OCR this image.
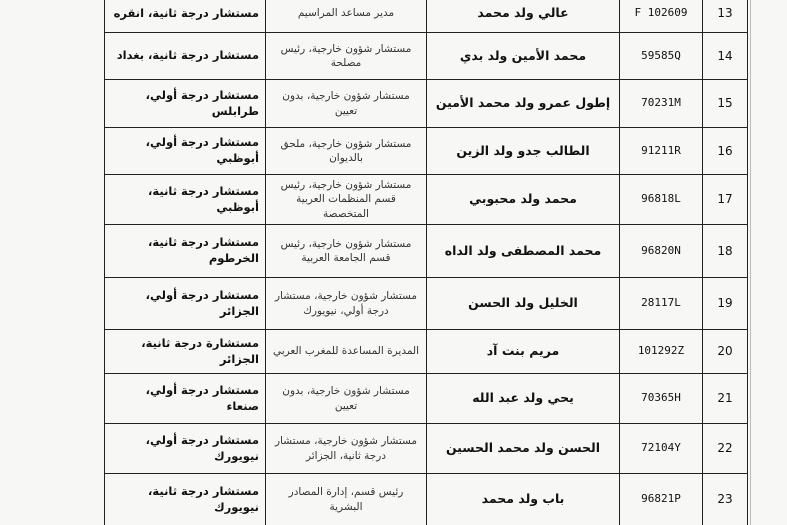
13	102609 F	عالي ولد محمد	مدير مساعد المراسيم	مستشار درجة ثانية، انقره
14	59585Q	محمد الأمين ولد بدي	مستشار شؤون خارجية، رئيس مصلحة	مستشار درجة ثانية، بغداد
15	70231M	إطول عمرو ولد محمد الأمين	مستشار شؤون خارجية، بدون تعيين	مستشار درجة أولي، طرابلس
16	91211R	الطالب جدو ولد الزين	مستشار شؤون خارجية، ملحق بالديوان	مستشار درجة أولي، أبوظبي
17	96818L	محمد ولد محبوبي	مستشار شؤون خارجية، رئيس قسم المنظمات العربية المتخصصة	مستشار درجة ثانية، أبوظبي
18	96820N	محمد المصطفى ولد الداه	مستشار شؤون خارجية، رئيس قسم الجامعة العربية	مستشار درجة ثانية، الخرطوم
19	28117L	الخليل ولد الحسن	مستشار شؤون خارجية، مستشار درجة أولي، نيويورك	مستشار درجة أولي، الجزائر
20	101292Z	مريم بنت آد	المديرة المساعدة للمغرب العربي	مستشارة درجة ثانية، الجزائر
21	70365H	يحي ولد عبد الله	مستشار شؤون خارجية، بدون تعيين	مستشار درجة أولي، صنعاء
22	72104Y	الحسن ولد محمد الحسين	مستشار شؤون خارجية، مستشار درجة ثانية، الجزائر	مستشار درجة أولي، نيويورك
23	96821P	باب ولد محمد	رئيس قسم، إدارة المصادر البشرية	مستشار درجة ثانية، نيويورك
